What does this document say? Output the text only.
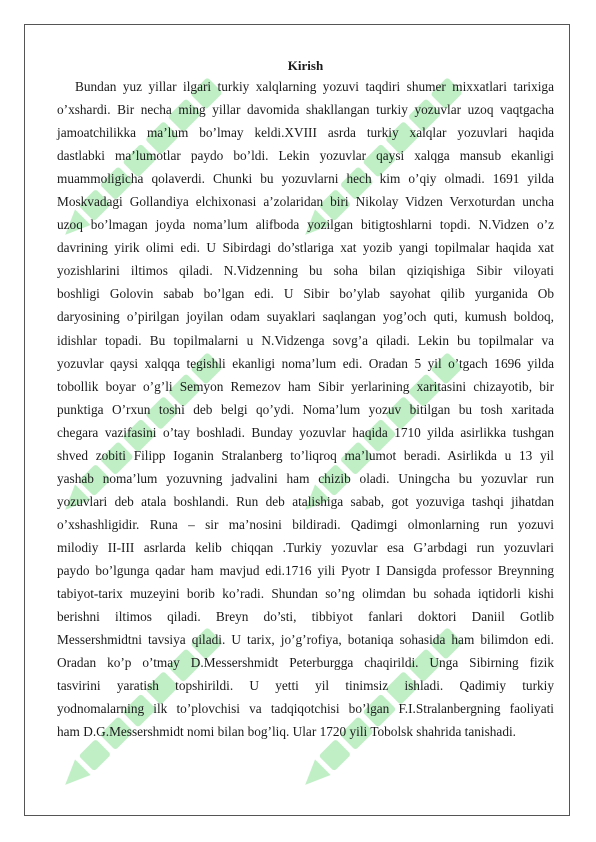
Kirish
Bundan yuz yillar ilgari turkiy xalqlarning yozuvi taqdiri shumer mixxatlari tarixiga
o’xshardi. Bir necha ming yillar davomida shakllangan turkiy yozuvlar uzoq vaqtgacha
jamoatchilikka ma’lum bo’lmay keldi.XVIII asrda turkiy xalqlar yozuvlari haqida
dastlabki ma’lumotlar paydo bo’ldi. Lekin yozuvlar qaysi xalqga mansub ekanligi
muammoligicha qolaverdi. Chunki bu yozuvlarni hech kim o’qiy olmadi. 1691 yilda
Moskvadagi Gollandiya elchixonasi a’zolaridan biri Nikolay Vidzen Verxoturdan uncha
uzoq bo’lmagan joyda noma’lum alifboda yozilgan bitigtoshlarni topdi. N.Vidzen o’z
davrining yirik olimi edi. U Sibirdagi do’stlariga xat yozib yangi topilmalar haqida xat
yozishlarini iltimos qiladi. N.Vidzenning bu soha bilan qiziqishiga Sibir viloyati
boshligi Golovin sabab bo’lgan edi. U Sibir bo’ylab sayohat qilib yurganida Ob
daryosining o’pirilgan joyilan odam suyaklari saqlangan yog’och quti, kumush boldoq,
idishlar topadi. Bu topilmalarni u N.Vidzenga sovg’a qiladi. Lekin bu topilmalar va
yozuvlar qaysi xalqqa tegishli ekanligi noma’lum edi. Oradan 5 yil o’tgach 1696 yilda
tobollik boyar o’g’li Semyon Remezov ham Sibir yerlarining xaritasini chizayotib, bir
punktiga O’rxun toshi deb belgi qo’ydi. Noma’lum yozuv bitilgan bu tosh xaritada
chegara vazifasini o’tay boshladi. Bunday yozuvlar haqida 1710 yilda asirlikka tushgan
shved zobiti Filipp Ioganin Stralanberg to’liqroq ma’lumot beradi. Asirlikda u 13 yil
yashab noma’lum yozuvning jadvalini ham chizib oladi. Uningcha bu yozuvlar run
yozuvlari deb atala boshlandi. Run deb atalishiga sabab, got yozuviga tashqi jihatdan
o’xshashligidir. Runa – sir ma’nosini bildiradi. Qadimgi olmonlarning run yozuvi
milodiy II-III asrlarda kelib chiqqan .Turkiy yozuvlar esa G’arbdagi run yozuvlari
paydo bo’lgunga qadar ham mavjud edi.1716 yili Pyotr I Dansigda professor Breynning
tabiyot-tarix muzeyini borib ko’radi. Shundan so’ng olimdan bu sohada iqtidorli kishi
berishni iltimos qiladi. Breyn do’sti, tibbiyot fanlari doktori Daniil Gotlib
Messershmidtni tavsiya qiladi. U tarix, jo’g’rofiya, botaniqa sohasida ham bilimdon edi.
Oradan ko’p o’tmay D.Messershmidt Peterburgga chaqirildi. Unga Sibirning fizik
tasvirini yaratish topshirildi. U yetti yil tinimsiz ishladi. Qadimiy turkiy
yodnomalarning ilk to’plovchisi va tadqiqotchisi bo’lgan F.I.Stralanbergning faoliyati
ham D.G.Messershmidt nomi bilan bog’liq. Ular 1720 yili Tobolsk shahrida tanishadi.
